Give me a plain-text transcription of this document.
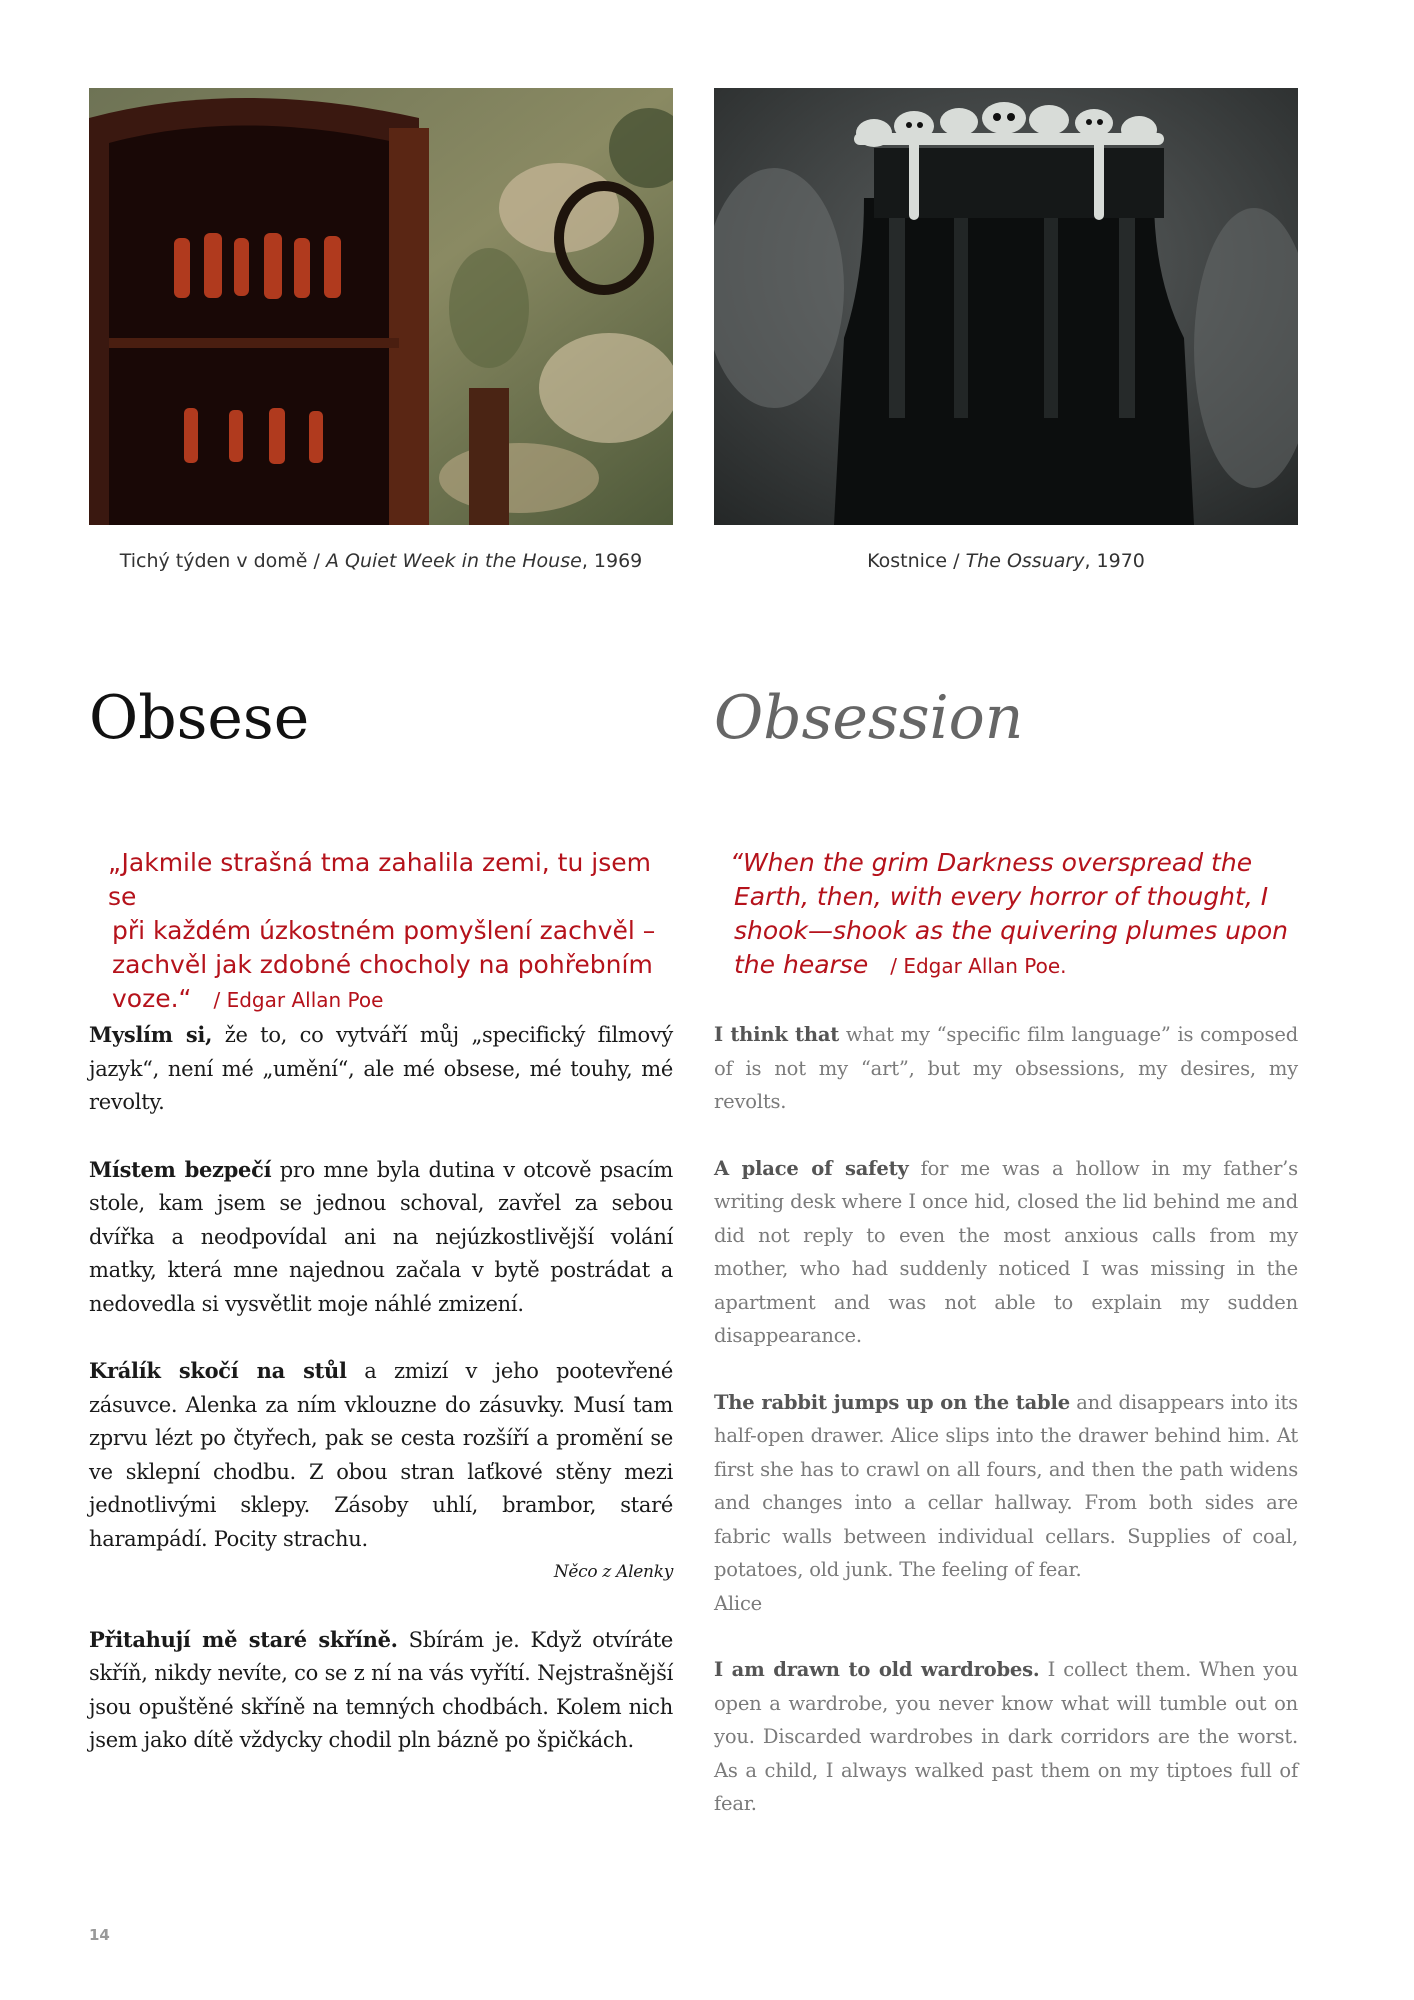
Tichý týden v domě / A Quiet Week in the House, 1969	Kostnice / The Ossuary, 1970
Obsese	Obsession

„Jakmile strašná tma zahalila zemi, tu jsem se
při každém úzkostném pomyšlení zachvěl – zachvěl jak zdobné chocholy na pohřebním voze.“ / Edgar Allan Poe

“When the grim Darkness overspread the
Earth, then, with every horror of thought, I shook—shook as the quivering plumes upon the hearse / Edgar Allan Poe.

Myslím si, že to, co vytváří můj „specifický filmový jazyk“, není mé „umění“, ale mé obsese, mé touhy, mé revolty.

Místem bezpečí pro mne byla dutina v otcově psacím stole, kam jsem se jednou schoval, zavřel za sebou dvířka a neodpovídal ani na nejúzkostlivější volání matky, která mne najednou začala v bytě postrádat a nedovedla si vysvětlit moje náhlé zmizení.

Králík skočí na stůl a zmizí v jeho pootevřené zásuvce. Alenka za ním vklouzne do zásuvky. Musí tam zprvu lézt po čtyřech, pak se cesta rozšíří a promění se ve sklepní chodbu. Z obou stran laťkové stěny mezi jednotlivými sklepy. Zásoby uhlí, brambor, staré harampádí. Pocity strachu.
Něco z Alenky

Přitahují mě staré skříně. Sbírám je. Když otvíráte skříň, nikdy nevíte, co se z ní na vás vyřítí. Nejstrašnější jsou opuštěné skříně na temných chodbách. Kolem nich jsem jako dítě vždycky chodil pln bázně po špičkách.

I think that what my “specific film language” is composed of is not my “art”, but my obsessions, my desires, my revolts.

A place of safety for me was a hollow in my father’s writing desk where I once hid, closed the lid behind me and did not reply to even the most anxious calls from my mother, who had suddenly noticed I was missing in the apartment and was not able to explain my sudden disappearance.

The rabbit jumps up on the table and disappears into its half-open drawer. Alice slips into the drawer behind him. At first she has to crawl on all fours, and then the path widens and changes into a cellar hallway. From both sides are fabric walls between individual cellars. Supplies of coal, potatoes, old junk. The feeling of fear.
Alice

I am drawn to old wardrobes. I collect them. When you open a wardrobe, you never know what will tumble out on you. Discarded wardrobes in dark corridors are the worst. As a child, I always walked past them on my tiptoes full of fear.

14
